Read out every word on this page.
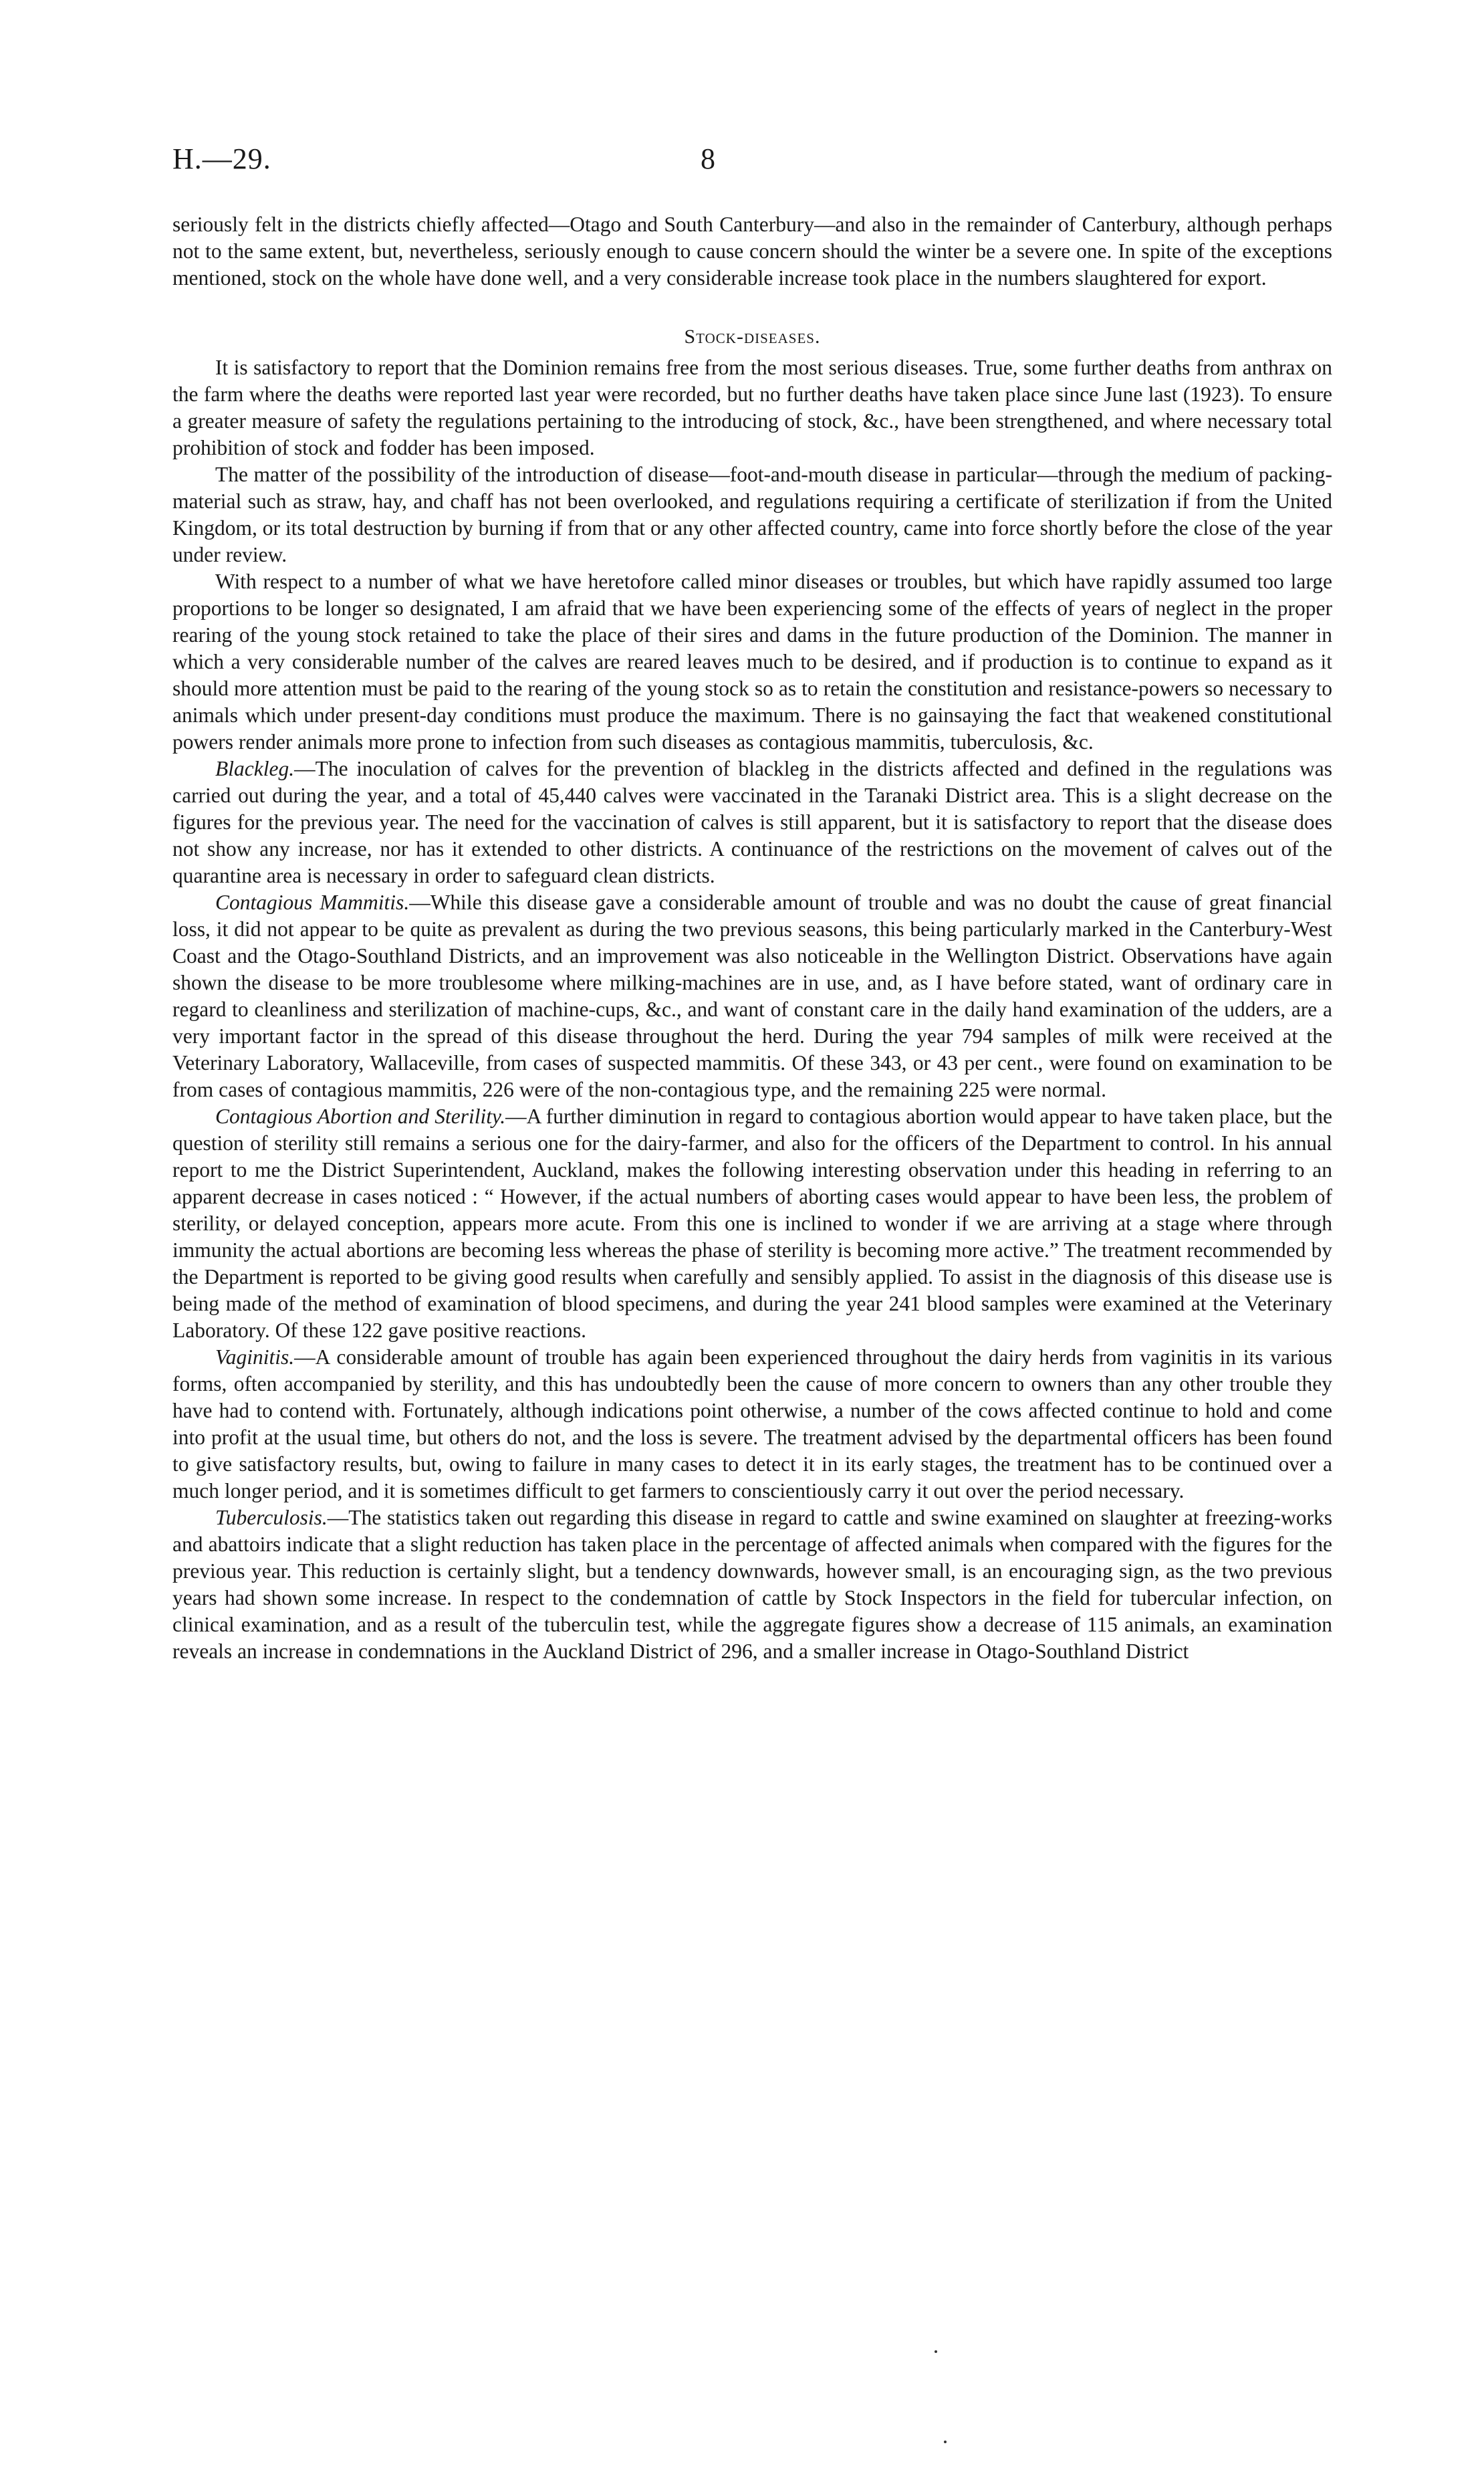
H.—29.	8

seriously felt in the districts chiefly affected—Otago and South Canterbury—and also in the remainder of Canterbury, although perhaps not to the same extent, but, nevertheless, seriously enough to cause concern should the winter be a severe one. In spite of the exceptions mentioned, stock on the whole have done well, and a very considerable increase took place in the numbers slaughtered for export.

Stock-diseases.

It is satisfactory to report that the Dominion remains free from the most serious diseases. True, some further deaths from anthrax on the farm where the deaths were reported last year were recorded, but no further deaths have taken place since June last (1923). To ensure a greater measure of safety the regulations pertaining to the introducing of stock, &c., have been strengthened, and where necessary total prohibition of stock and fodder has been imposed.

The matter of the possibility of the introduction of disease—foot-and-mouth disease in particular—through the medium of packing-material such as straw, hay, and chaff has not been overlooked, and regulations requiring a certificate of sterilization if from the United Kingdom, or its total destruction by burning if from that or any other affected country, came into force shortly before the close of the year under review.

With respect to a number of what we have heretofore called minor diseases or troubles, but which have rapidly assumed too large proportions to be longer so designated, I am afraid that we have been experiencing some of the effects of years of neglect in the proper rearing of the young stock retained to take the place of their sires and dams in the future production of the Dominion. The manner in which a very considerable number of the calves are reared leaves much to be desired, and if production is to continue to expand as it should more attention must be paid to the rearing of the young stock so as to retain the constitution and resistance-powers so necessary to animals which under present-day conditions must produce the maximum. There is no gainsaying the fact that weakened constitutional powers render animals more prone to infection from such diseases as contagious mammitis, tuberculosis, &c.

Blackleg.—The inoculation of calves for the prevention of blackleg in the districts affected and defined in the regulations was carried out during the year, and a total of 45,440 calves were vaccinated in the Taranaki District area. This is a slight decrease on the figures for the previous year. The need for the vaccination of calves is still apparent, but it is satisfactory to report that the disease does not show any increase, nor has it extended to other districts. A continuance of the restrictions on the movement of calves out of the quarantine area is necessary in order to safeguard clean districts.

Contagious Mammitis.—While this disease gave a considerable amount of trouble and was no doubt the cause of great financial loss, it did not appear to be quite as prevalent as during the two previous seasons, this being particularly marked in the Canterbury-West Coast and the Otago-Southland Districts, and an improvement was also noticeable in the Wellington District. Observations have again shown the disease to be more troublesome where milking-machines are in use, and, as I have before stated, want of ordinary care in regard to cleanliness and sterilization of machine-cups, &c., and want of constant care in the daily hand examination of the udders, are a very important factor in the spread of this disease throughout the herd. During the year 794 samples of milk were received at the Veterinary Laboratory, Wallaceville, from cases of suspected mammitis. Of these 343, or 43 per cent., were found on examination to be from cases of contagious mammitis, 226 were of the non-contagious type, and the remaining 225 were normal.

Contagious Abortion and Sterility.—A further diminution in regard to contagious abortion would appear to have taken place, but the question of sterility still remains a serious one for the dairy-farmer, and also for the officers of the Department to control. In his annual report to me the District Superintendent, Auckland, makes the following interesting observation under this heading in referring to an apparent decrease in cases noticed : “ However, if the actual numbers of aborting cases would appear to have been less, the problem of sterility, or delayed conception, appears more acute. From this one is inclined to wonder if we are arriving at a stage where through immunity the actual abortions are becoming less whereas the phase of sterility is becoming more active.” The treatment recommended by the Department is reported to be giving good results when carefully and sensibly applied. To assist in the diagnosis of this disease use is being made of the method of examination of blood specimens, and during the year 241 blood samples were examined at the Veterinary Laboratory. Of these 122 gave positive reactions.

Vaginitis.—A considerable amount of trouble has again been experienced throughout the dairy herds from vaginitis in its various forms, often accompanied by sterility, and this has undoubtedly been the cause of more concern to owners than any other trouble they have had to contend with. Fortunately, although indications point otherwise, a number of the cows affected continue to hold and come into profit at the usual time, but others do not, and the loss is severe. The treatment advised by the departmental officers has been found to give satisfactory results, but, owing to failure in many cases to detect it in its early stages, the treatment has to be continued over a much longer period, and it is sometimes difficult to get farmers to conscientiously carry it out over the period necessary.

Tuberculosis.—The statistics taken out regarding this disease in regard to cattle and swine examined on slaughter at freezing-works and abattoirs indicate that a slight reduction has taken place in the percentage of affected animals when compared with the figures for the previous year. This reduction is certainly slight, but a tendency downwards, however small, is an encouraging sign, as the two previous years had shown some increase. In respect to the condemnation of cattle by Stock Inspectors in the field for tubercular infection, on clinical examination, and as a result of the tuberculin test, while the aggregate figures show a decrease of 115 animals, an examination reveals an increase in condemnations in the Auckland District of 296, and a smaller increase in Otago-Southland District
